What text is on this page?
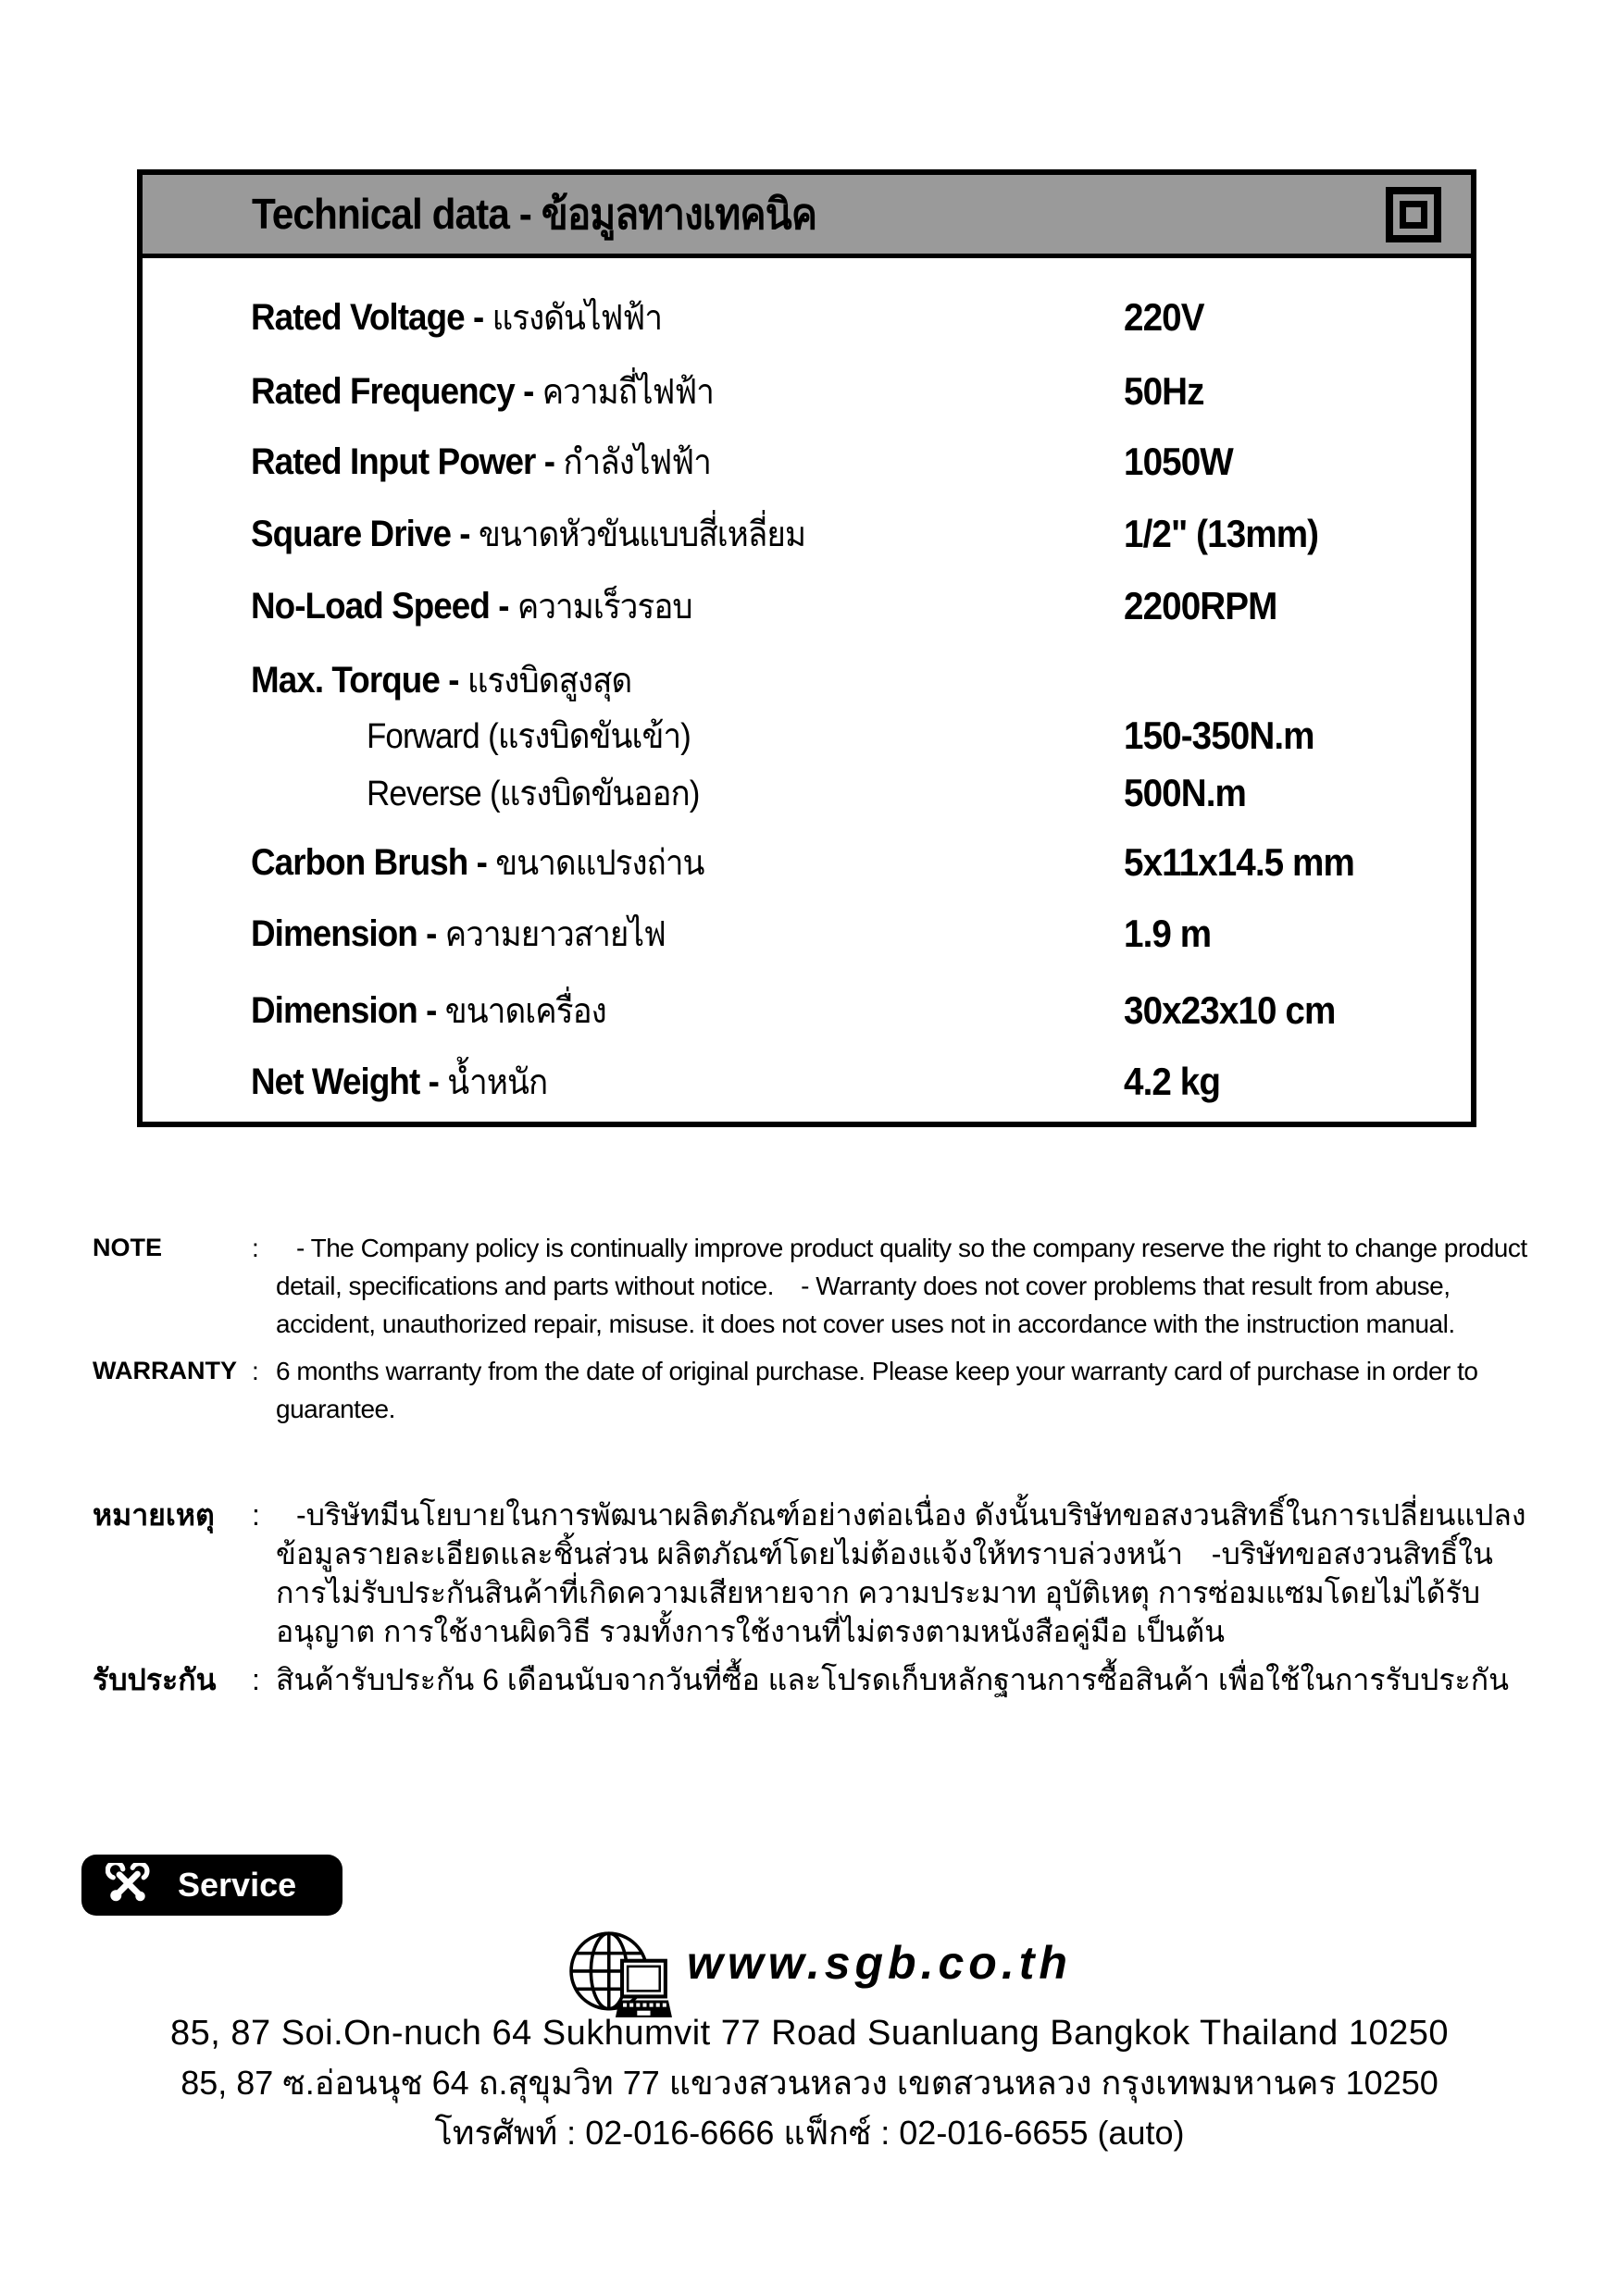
Technical data - ข้อมูลทางเทคนิค
Rated Voltage - แรงดันไฟฟ้า	220V
Rated Frequency - ความถี่ไฟฟ้า	50Hz
Rated Input Power - กำลังไฟฟ้า	1050W
Square Drive - ขนาดหัวขันแบบสี่เหลี่ยม	1/2" (13mm)
No-Load Speed - ความเร็วรอบ	2200RPM
Max. Torque - แรงบิดสูงสุด
Forward (แรงบิดขันเข้า)	150-350N.m
Reverse (แรงบิดขันออก)	500N.m
Carbon Brush - ขนาดแปรงถ่าน	5x11x14.5 mm
Dimension - ความยาวสายไฟ	1.9 m
Dimension - ขนาดเครื่อง	30x23x10 cm
Net Weight - น้ำหนัก	4.2 kg
NOTE	:	- The Company policy is continually improve product quality so the company reserve the right to change product detail, specifications and parts without notice. - Warranty does not cover problems that result from abuse, accident, unauthorized repair, misuse. it does not cover uses not in accordance with the instruction manual.
WARRANTY : 6 months warranty from the date of original purchase. Please keep your warranty card of purchase in order to guarantee.
หมายเหตุ	:	-บริษัทมีนโยบายในการพัฒนาผลิตภัณฑ์อย่างต่อเนื่อง ดังนั้นบริษัทขอสงวนสิทธิ์ในการเปลี่ยนแปลงข้อมูลรายละเอียดและชิ้นส่วน ผลิตภัณฑ์โดยไม่ต้องแจ้งให้ทราบล่วงหน้า -บริษัทขอสงวนสิทธิ์ในการไม่รับประกันสินค้าที่เกิดความเสียหายจาก ความประมาท อุบัติเหตุ การซ่อมแซมโดยไม่ได้รับอนุญาต การใช้งานผิดวิธี รวมทั้งการใช้งานที่ไม่ตรงตามหนังสือคู่มือ เป็นต้น
รับประกัน	: สินค้ารับประกัน 6 เดือนนับจากวันที่ซื้อ และโปรดเก็บหลักฐานการซื้อสินค้า เพื่อใช้ในการรับประกัน
Service
www.sgb.co.th
85, 87 Soi.On-nuch 64 Sukhumvit 77 Road Suanluang Bangkok Thailand 10250
85, 87 ซ.อ่อนนุช 64 ถ.สุขุมวิท 77 แขวงสวนหลวง เขตสวนหลวง กรุงเทพมหานคร 10250
โทรศัพท์ : 02-016-6666 แฟ็กซ์ : 02-016-6655 (auto)
